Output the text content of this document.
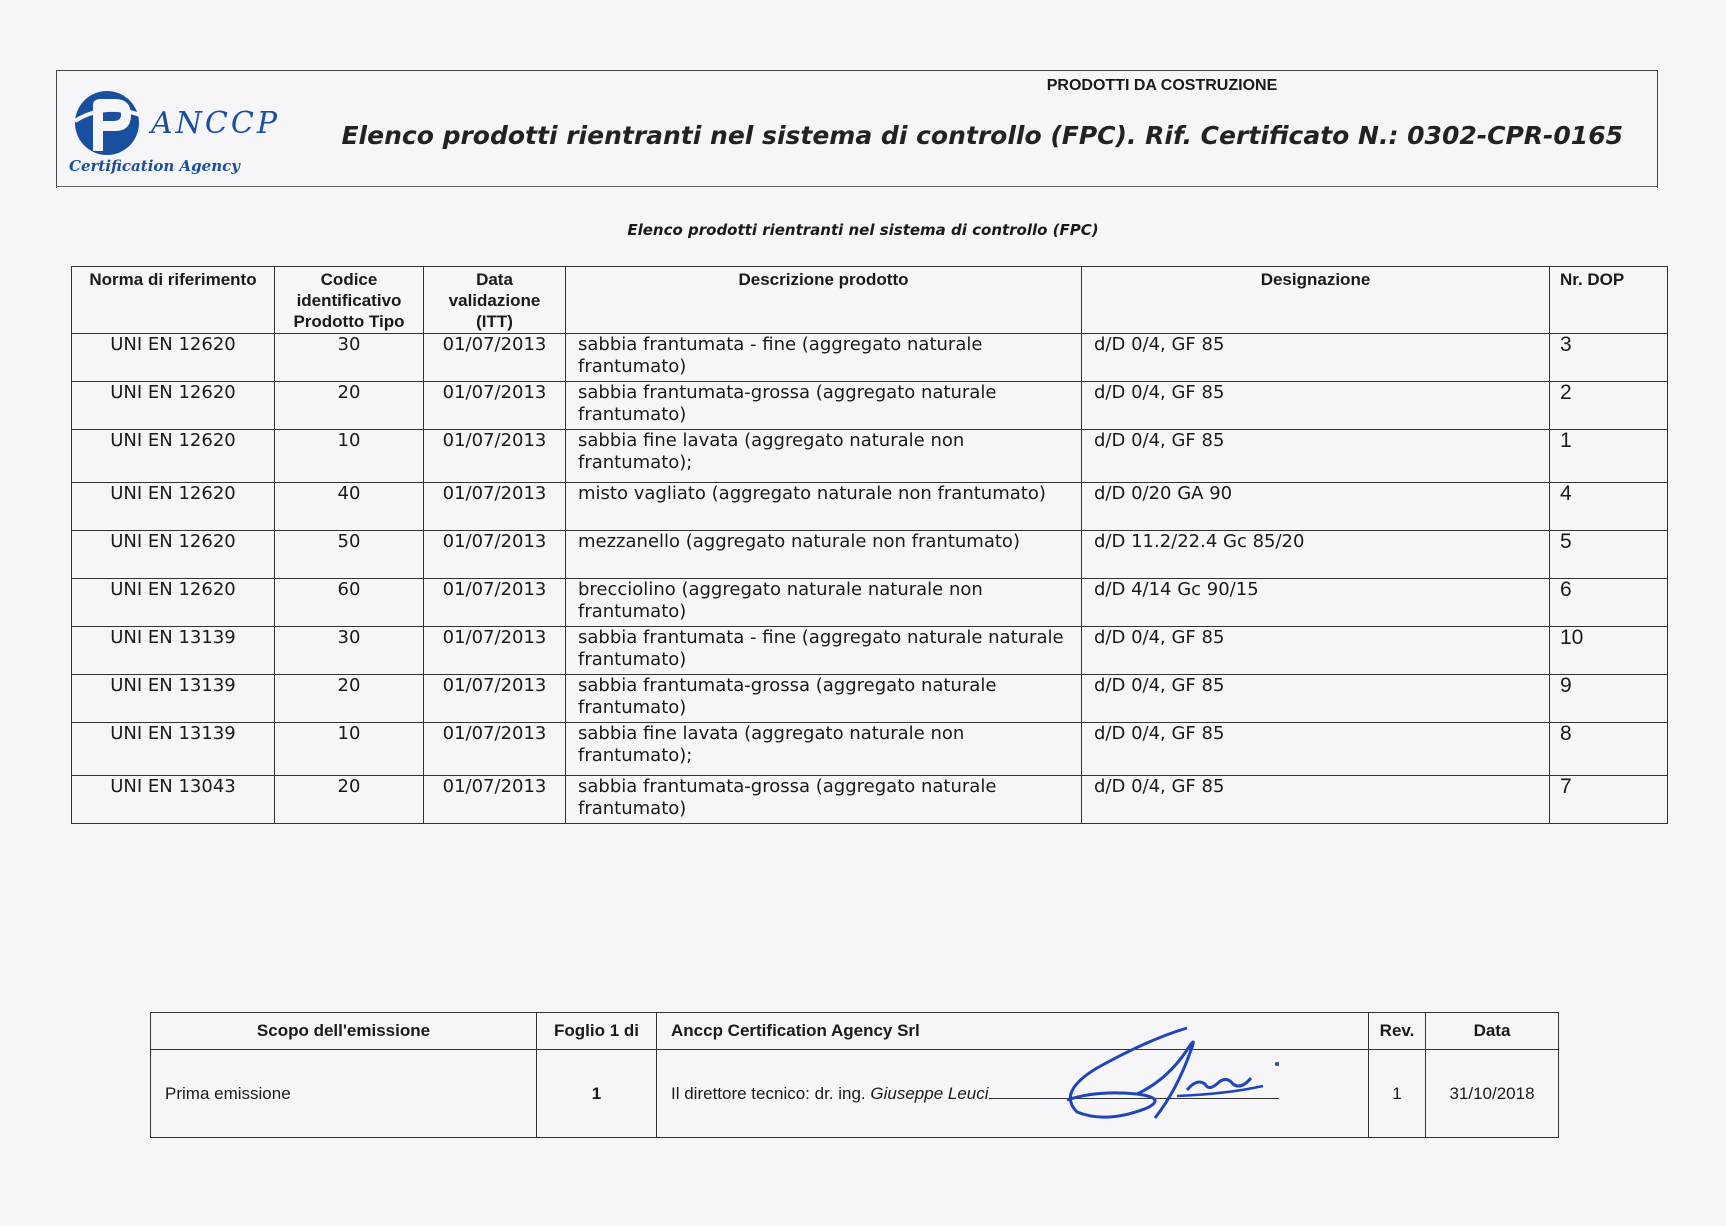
ANCCP
Certification Agency
PRODOTTI DA COSTRUZIONE
Elenco prodotti rientranti nel sistema di controllo (FPC). Rif. Certificato N.: 0302-CPR-0165
Elenco prodotti rientranti nel sistema di controllo (FPC)
Norma di riferimento	Codice identificativo Prodotto Tipo	Data validazione (ITT)	Descrizione prodotto	Designazione	Nr. DOP
UNI EN 12620	30	01/07/2013	sabbia frantumata - fine (aggregato naturale frantumato)	d/D 0/4, GF 85	3
UNI EN 12620	20	01/07/2013	sabbia frantumata-grossa (aggregato naturale frantumato)	d/D 0/4, GF 85	2
UNI EN 12620	10	01/07/2013	sabbia fine lavata (aggregato naturale non frantumato);	d/D 0/4, GF 85	1
UNI EN 12620	40	01/07/2013	misto vagliato (aggregato naturale non frantumato)	d/D 0/20 GA 90	4
UNI EN 12620	50	01/07/2013	mezzanello (aggregato naturale non frantumato)	d/D 11.2/22.4 Gc 85/20	5
UNI EN 12620	60	01/07/2013	brecciolino (aggregato naturale naturale non frantumato)	d/D 4/14 Gc 90/15	6
UNI EN 13139	30	01/07/2013	sabbia frantumata - fine (aggregato naturale naturale frantumato)	d/D 0/4, GF 85	10
UNI EN 13139	20	01/07/2013	sabbia frantumata-grossa (aggregato naturale frantumato)	d/D 0/4, GF 85	9
UNI EN 13139	10	01/07/2013	sabbia fine lavata (aggregato naturale non frantumato);	d/D 0/4, GF 85	8
UNI EN 13043	20	01/07/2013	sabbia frantumata-grossa (aggregato naturale frantumato)	d/D 0/4, GF 85	7
Scopo dell'emissione	Foglio 1 di	Anccp Certification Agency Srl	Rev.	Data
Prima emissione	1	Il direttore tecnico: dr. ing. Giuseppe Leuci	1	31/10/2018
